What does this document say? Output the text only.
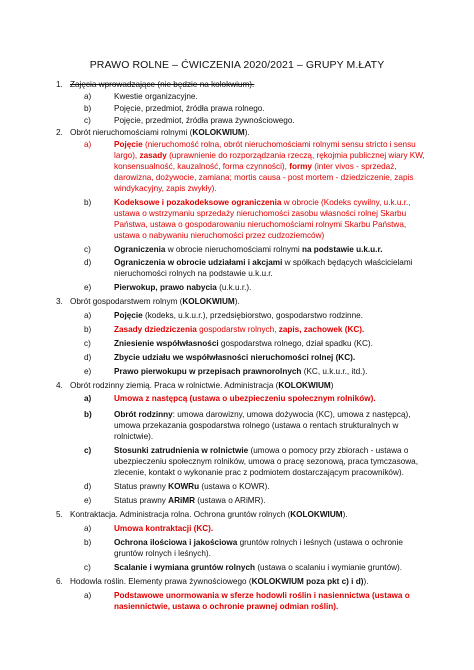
PRAWO ROLNE – ĆWICZENIA 2020/2021 – GRUPY M.ŁATY
1. Zajęcia wprowadzające (nie będzie na kolokwium).
a)	Kwestie organizacyjne.
b)	Pojęcie, przedmiot, źródła prawa rolnego.
c)	Pojęcie, przedmiot, źródła prawa żywnościowego.
2. Obrót nieruchomościami rolnymi (KOLOKWIUM).
a)	Pojęcie (nieruchomość rolna, obrót nieruchomościami rolnymi sensu stricto i sensu
largo), zasady (uprawnienie do rozporządzania rzeczą, rękojmia publicznej wiary KW,
konsensualność, kauzalność, forma czynności), formy (inter vivos - sprzedaż,
darowizna, dożywocie, zamiana; mortis causa - post mortem - dziedziczenie, zapis
windykacyjny, zapis zwykły).
b)	Kodeksowe i pozakodeksowe ograniczenia w obrocie (Kodeks cywilny, u.k.u.r.,
ustawa o wstrzymaniu sprzedaży nieruchomości zasobu własności rolnej Skarbu
Państwa, ustawa o gospodarowaniu nieruchomościami rolnymi Skarbu Państwa,
ustawa o nabywaniu nieruchomości przez cudzoziemców)
c)	Ograniczenia w obrocie nieruchomościami rolnymi na podstawie u.k.u.r.
d)	Ograniczenia w obrocie udziałami i akcjami w spółkach będących właścicielami
nieruchomości rolnych na podstawie u.k.u.r.
e)	Pierwokup, prawo nabycia (u.k.u.r.).
3. Obrót gospodarstwem rolnym (KOLOKWIUM).
a)	Pojęcie (kodeks, u.k.u.r.), przedsiębiorstwo, gospodarstwo rodzinne.
b)	Zasady dziedziczenia gospodarstw rolnych, zapis, zachowek (KC).
c)	Zniesienie współwłasności gospodarstwa rolnego, dział spadku (KC).
d)	Zbycie udziału we współwłasności nieruchomości rolnej (KC).
e)	Prawo pierwokupu w przepisach prawnorolnych (KC, u.k.u.r., itd.).
4. Obrót rodzinny ziemią. Praca w rolnictwie. Administracja (KOLOKWIUM)
a)	Umowa z następcą (ustawa o ubezpieczeniu społecznym rolników).
b)	Obrót rodzinny: umowa darowizny, umowa dożywocia (KC), umowa z następcą),
umowa przekazania gospodarstwa rolnego (ustawa o rentach strukturalnych w
rolnictwie).
c)	Stosunki zatrudnienia w rolnictwie (umowa o pomocy przy zbiorach - ustawa o
ubezpieczeniu społecznym rolników, umowa o pracę sezonową, praca tymczasowa,
zlecenie, kontakt o wykonanie prac z podmiotem dostarczającym pracowników).
d)	Status prawny KOWRu (ustawa o KOWR).
e)	Status prawny ARiMR (ustawa o ARiMR).
5. Kontraktacja. Administracja rolna. Ochrona gruntów rolnych (KOLOKWIUM).
a)	Umowa kontraktacji (KC).
b)	Ochrona ilościowa i jakościowa gruntów rolnych i leśnych (ustawa o ochronie
gruntów rolnych i leśnych).
c)	Scalanie i wymiana gruntów rolnych (ustawa o scalaniu i wymianie gruntów).
6. Hodowla roślin. Elementy prawa żywnościowego (KOLOKWIUM poza pkt c) i d)).
a)	Podstawowe unormowania w sferze hodowli roślin i nasiennictwa (ustawa o
nasiennictwie, ustawa o ochronie prawnej odmian roślin).
